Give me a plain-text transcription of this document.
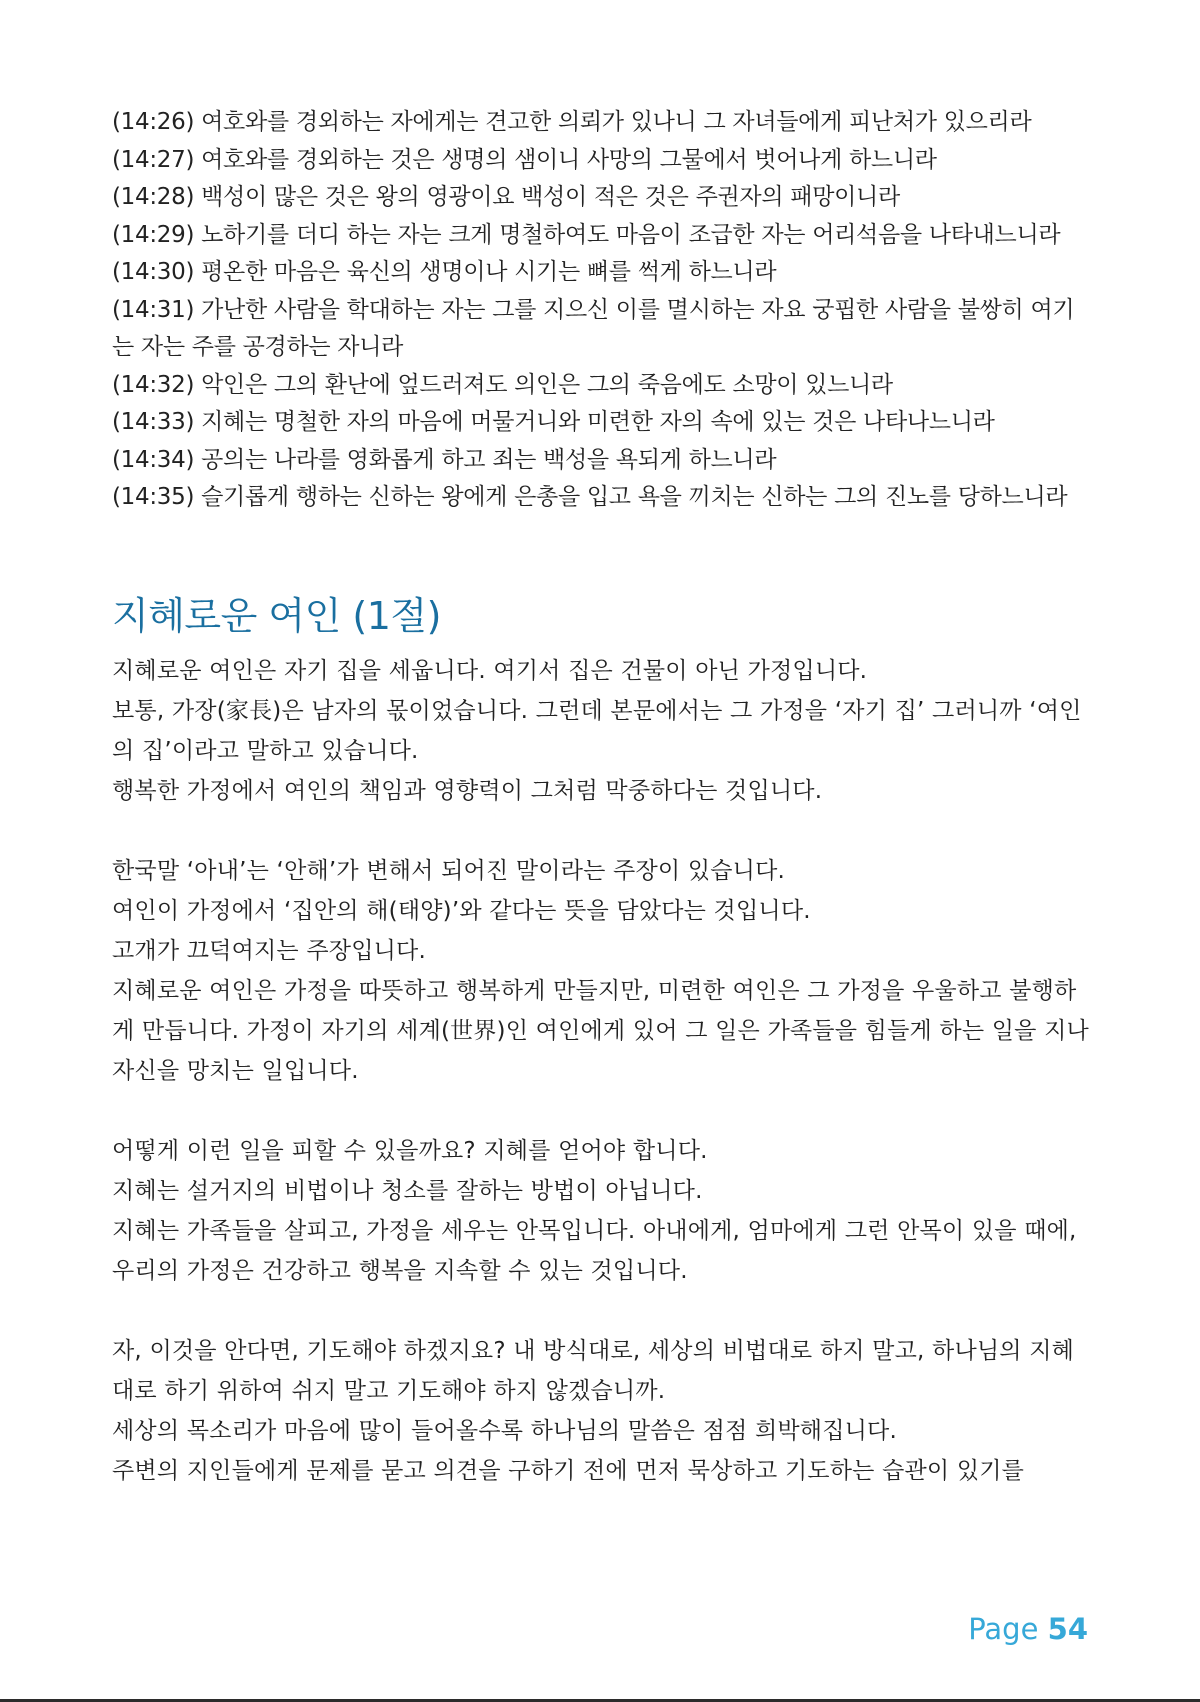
(14:26) 여호와를 경외하는 자에게는 견고한 의뢰가 있나니 그 자녀들에게 피난처가 있으리라
(14:27) 여호와를 경외하는 것은 생명의 샘이니 사망의 그물에서 벗어나게 하느니라
(14:28) 백성이 많은 것은 왕의 영광이요 백성이 적은 것은 주권자의 패망이니라
(14:29) 노하기를 더디 하는 자는 크게 명철하여도 마음이 조급한 자는 어리석음을 나타내느니라
(14:30) 평온한 마음은 육신의 생명이나 시기는 뼈를 썩게 하느니라
(14:31) 가난한 사람을 학대하는 자는 그를 지으신 이를 멸시하는 자요 궁핍한 사람을 불쌍히 여기는 자는 주를 공경하는 자니라
(14:32) 악인은 그의 환난에 엎드러져도 의인은 그의 죽음에도 소망이 있느니라
(14:33) 지혜는 명철한 자의 마음에 머물거니와 미련한 자의 속에 있는 것은 나타나느니라
(14:34) 공의는 나라를 영화롭게 하고 죄는 백성을 욕되게 하느니라
(14:35) 슬기롭게 행하는 신하는 왕에게 은총을 입고 욕을 끼치는 신하는 그의 진노를 당하느니라
지혜로운 여인 (1절)

지혜로운 여인은 자기 집을 세웁니다. 여기서 집은 건물이 아닌 가정입니다.

보통, 가장(家長)은 남자의 몫이었습니다. 그런데 본문에서는 그 가정을 ‘자기 집’ 그러니까 ‘여인의 집’이라고 말하고 있습니다.

행복한 가정에서 여인의 책임과 영향력이 그처럼 막중하다는 것입니다.

한국말 ‘아내’는 ‘안해’가 변해서 되어진 말이라는 주장이 있습니다.

여인이 가정에서 ‘집안의 해(태양)’와 같다는 뜻을 담았다는 것입니다.

고개가 끄덕여지는 주장입니다.

지혜로운 여인은 가정을 따뜻하고 행복하게 만들지만, 미련한 여인은 그 가정을 우울하고 불행하게 만듭니다. 가정이 자기의 세계(世界)인 여인에게 있어 그 일은 가족들을 힘들게 하는 일을 지나 자신을 망치는 일입니다.

어떻게 이런 일을 피할 수 있을까요? 지혜를 얻어야 합니다.

지혜는 설거지의 비법이나 청소를 잘하는 방법이 아닙니다.

지혜는 가족들을 살피고, 가정을 세우는 안목입니다. 아내에게, 엄마에게 그런 안목이 있을 때에, 우리의 가정은 건강하고 행복을 지속할 수 있는 것입니다.

자, 이것을 안다면, 기도해야 하겠지요? 내 방식대로, 세상의 비법대로 하지 말고, 하나님의 지혜대로 하기 위하여 쉬지 말고 기도해야 하지 않겠습니까.

세상의 목소리가 마음에 많이 들어올수록 하나님의 말씀은 점점 희박해집니다.

주변의 지인들에게 문제를 묻고 의견을 구하기 전에 먼저 묵상하고 기도하는 습관이 있기를

Page 54
